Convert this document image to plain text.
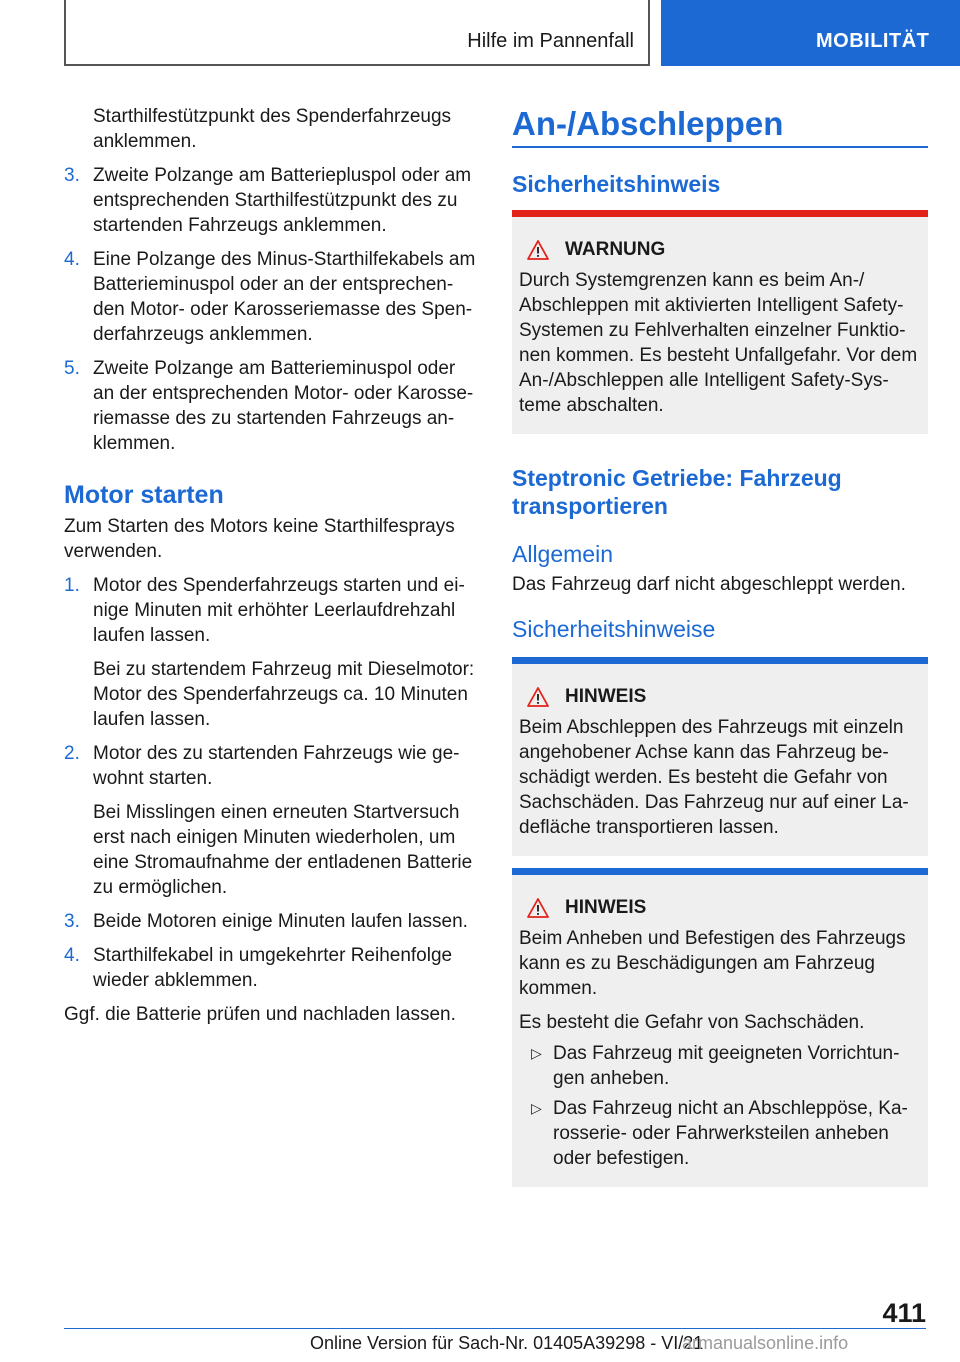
Hilfe im Pannenfall	MOBILITÄT
Starthilfestützpunkt des Spenderfahrzeugs anklemmen.
3. Zweite Polzange am Batteriepluspol oder am entsprechenden Starthilfestützpunkt des zu startenden Fahrzeugs anklemmen.
4. Eine Polzange des Minus-Starthilfekabels am Batterieminuspol oder an der entsprechen-den Motor- oder Karosseriemasse des Spen-derfahrzeugs anklemmen.
5. Zweite Polzange am Batterieminuspol oder an der entsprechenden Motor- oder Karosse-riemasse des zu startenden Fahrzeugs an-klemmen.
Motor starten

Zum Starten des Motors keine Starthilfesprays verwenden.

1. Motor des Spenderfahrzeugs starten und ei-nige Minuten mit erhöhter Leerlaufdrehzahl laufen lassen.

Bei zu startendem Fahrzeug mit Dieselmotor: Motor des Spenderfahrzeugs ca. 10 Minuten laufen lassen.

2. Motor des zu startenden Fahrzeugs wie ge-wohnt starten.

Bei Misslingen einen erneuten Startversuch erst nach einigen Minuten wiederholen, um eine Stromaufnahme der entladenen Batterie zu ermöglichen.

3. Beide Motoren einige Minuten laufen lassen.
4. Starthilfekabel in umgekehrter Reihenfolge wieder abklemmen.

Ggf. die Batterie prüfen und nachladen lassen.

An-/Abschleppen
Sicherheitshinweis
WARNUNG
Durch Systemgrenzen kann es beim An-/ Abschleppen mit aktivierten Intelligent Safety-Systemen zu Fehlverhalten einzelner Funktio-nen kommen. Es besteht Unfallgefahr. Vor dem An-/Abschleppen alle Intelligent Safety-Sys-teme abschalten.
Steptronic Getriebe: Fahrzeug transportieren
Allgemein

Das Fahrzeug darf nicht abgeschleppt werden.

Sicherheitshinweise
HINWEIS
Beim Abschleppen des Fahrzeugs mit einzeln angehobener Achse kann das Fahrzeug be-schädigt werden. Es besteht die Gefahr von Sachschäden. Das Fahrzeug nur auf einer La-defläche transportieren lassen.
HINWEIS

Beim Anheben und Befestigen des Fahrzeugs kann es zu Beschädigungen am Fahrzeug kommen.

Es besteht die Gefahr von Sachschäden.

▷ Das Fahrzeug mit geeigneten Vorrichtun-gen anheben.
▷ Das Fahrzeug nicht an Abschleppöse, Ka-rosserie- oder Fahrwerksteilen anheben oder befestigen.
411
Online Version für Sach-Nr. 01405A39298 - VI/21
armanualsonline.info
